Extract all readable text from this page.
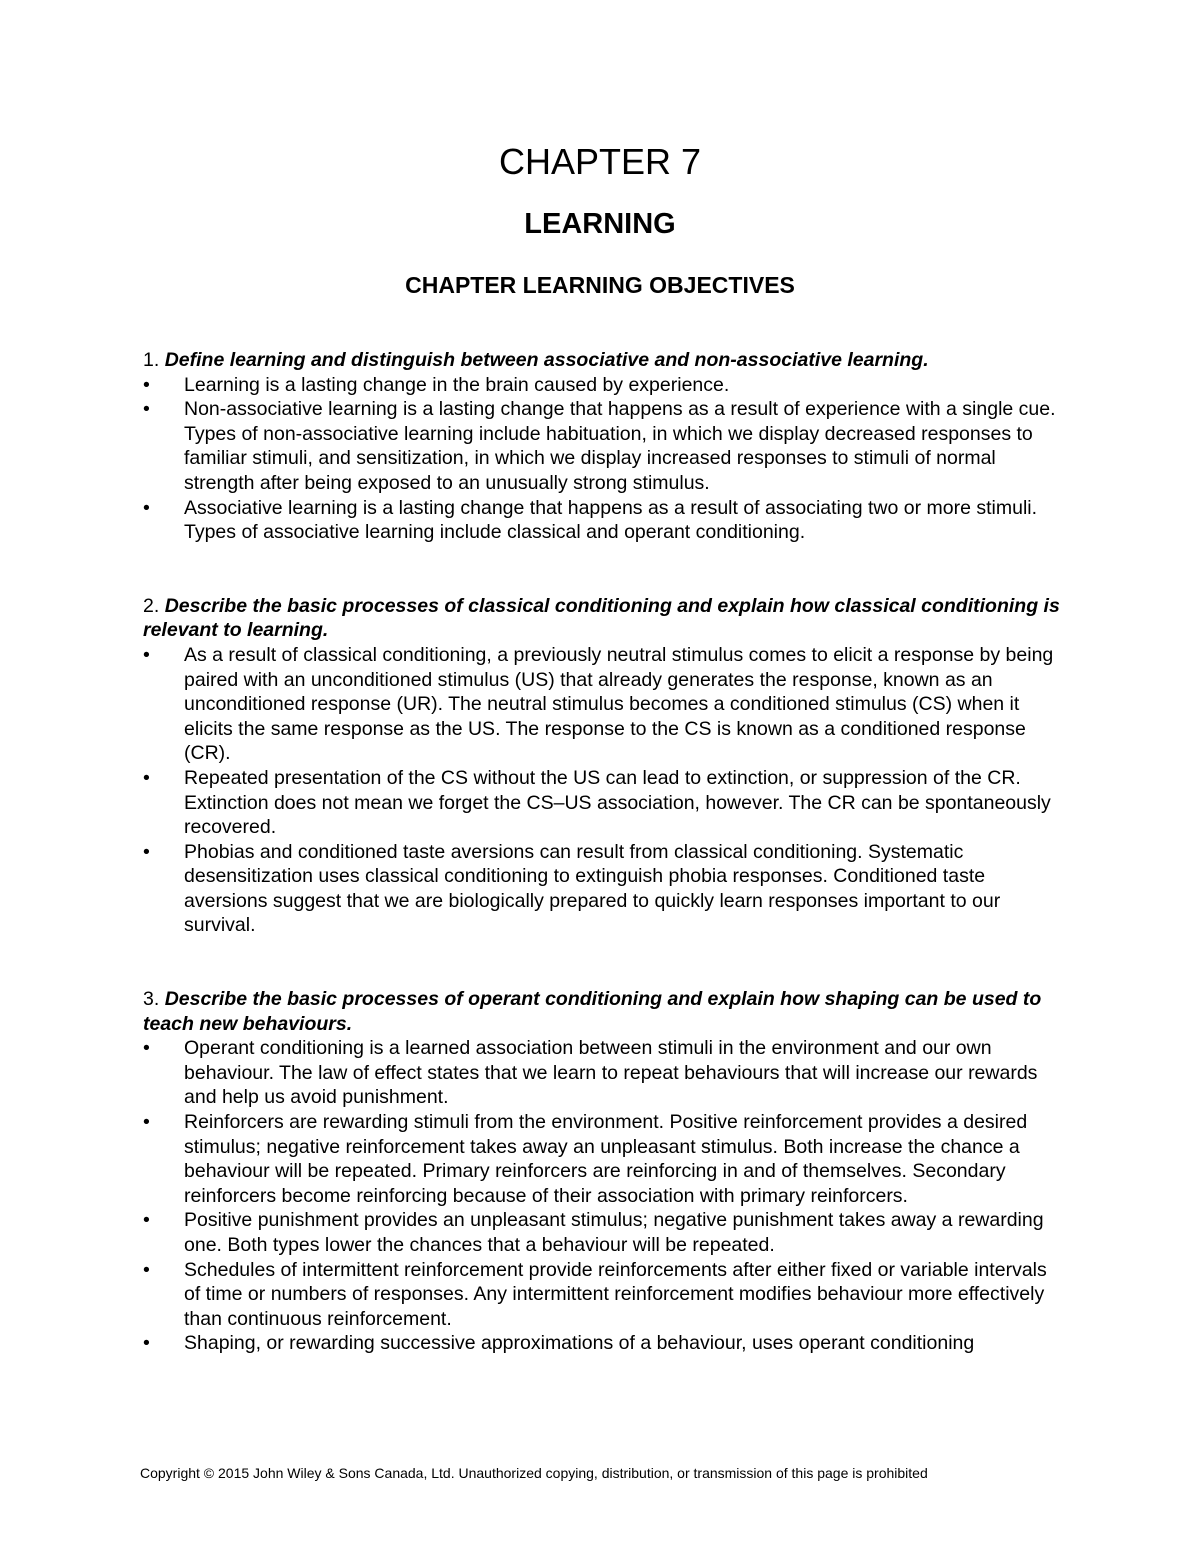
CHAPTER 7
LEARNING
CHAPTER LEARNING OBJECTIVES

1. Define learning and distinguish between associative and non-associative learning.

• Learning is a lasting change in the brain caused by experience.
• Non-associative learning is a lasting change that happens as a result of experience with a single cue. Types of non-associative learning include habituation, in which we display decreased responses to familiar stimuli, and sensitization, in which we display increased responses to stimuli of normal strength after being exposed to an unusually strong stimulus.
• Associative learning is a lasting change that happens as a result of associating two or more stimuli. Types of associative learning include classical and operant conditioning.

2. Describe the basic processes of classical conditioning and explain how classical conditioning is relevant to learning.

• As a result of classical conditioning, a previously neutral stimulus comes to elicit a response by being paired with an unconditioned stimulus (US) that already generates the response, known as an unconditioned response (UR). The neutral stimulus becomes a conditioned stimulus (CS) when it elicits the same response as the US. The response to the CS is known as a conditioned response (CR).
• Repeated presentation of the CS without the US can lead to extinction, or suppression of the CR. Extinction does not mean we forget the CS–US association, however. The CR can be spontaneously recovered.
• Phobias and conditioned taste aversions can result from classical conditioning. Systematic desensitization uses classical conditioning to extinguish phobia responses. Conditioned taste aversions suggest that we are biologically prepared to quickly learn responses important to our survival.

3. Describe the basic processes of operant conditioning and explain how shaping can be used to teach new behaviours.

• Operant conditioning is a learned association between stimuli in the environment and our own behaviour. The law of effect states that we learn to repeat behaviours that will increase our rewards and help us avoid punishment.
• Reinforcers are rewarding stimuli from the environment. Positive reinforcement provides a desired stimulus; negative reinforcement takes away an unpleasant stimulus. Both increase the chance a behaviour will be repeated. Primary reinforcers are reinforcing in and of themselves. Secondary reinforcers become reinforcing because of their association with primary reinforcers.
• Positive punishment provides an unpleasant stimulus; negative punishment takes away a rewarding one. Both types lower the chances that a behaviour will be repeated.
• Schedules of intermittent reinforcement provide reinforcements after either fixed or variable intervals of time or numbers of responses. Any intermittent reinforcement modifies behaviour more effectively than continuous reinforcement.
• Shaping, or rewarding successive approximations of a behaviour, uses operant conditioning
Copyright © 2015 John Wiley & Sons Canada, Ltd. Unauthorized copying, distribution, or transmission of this page is prohibited
